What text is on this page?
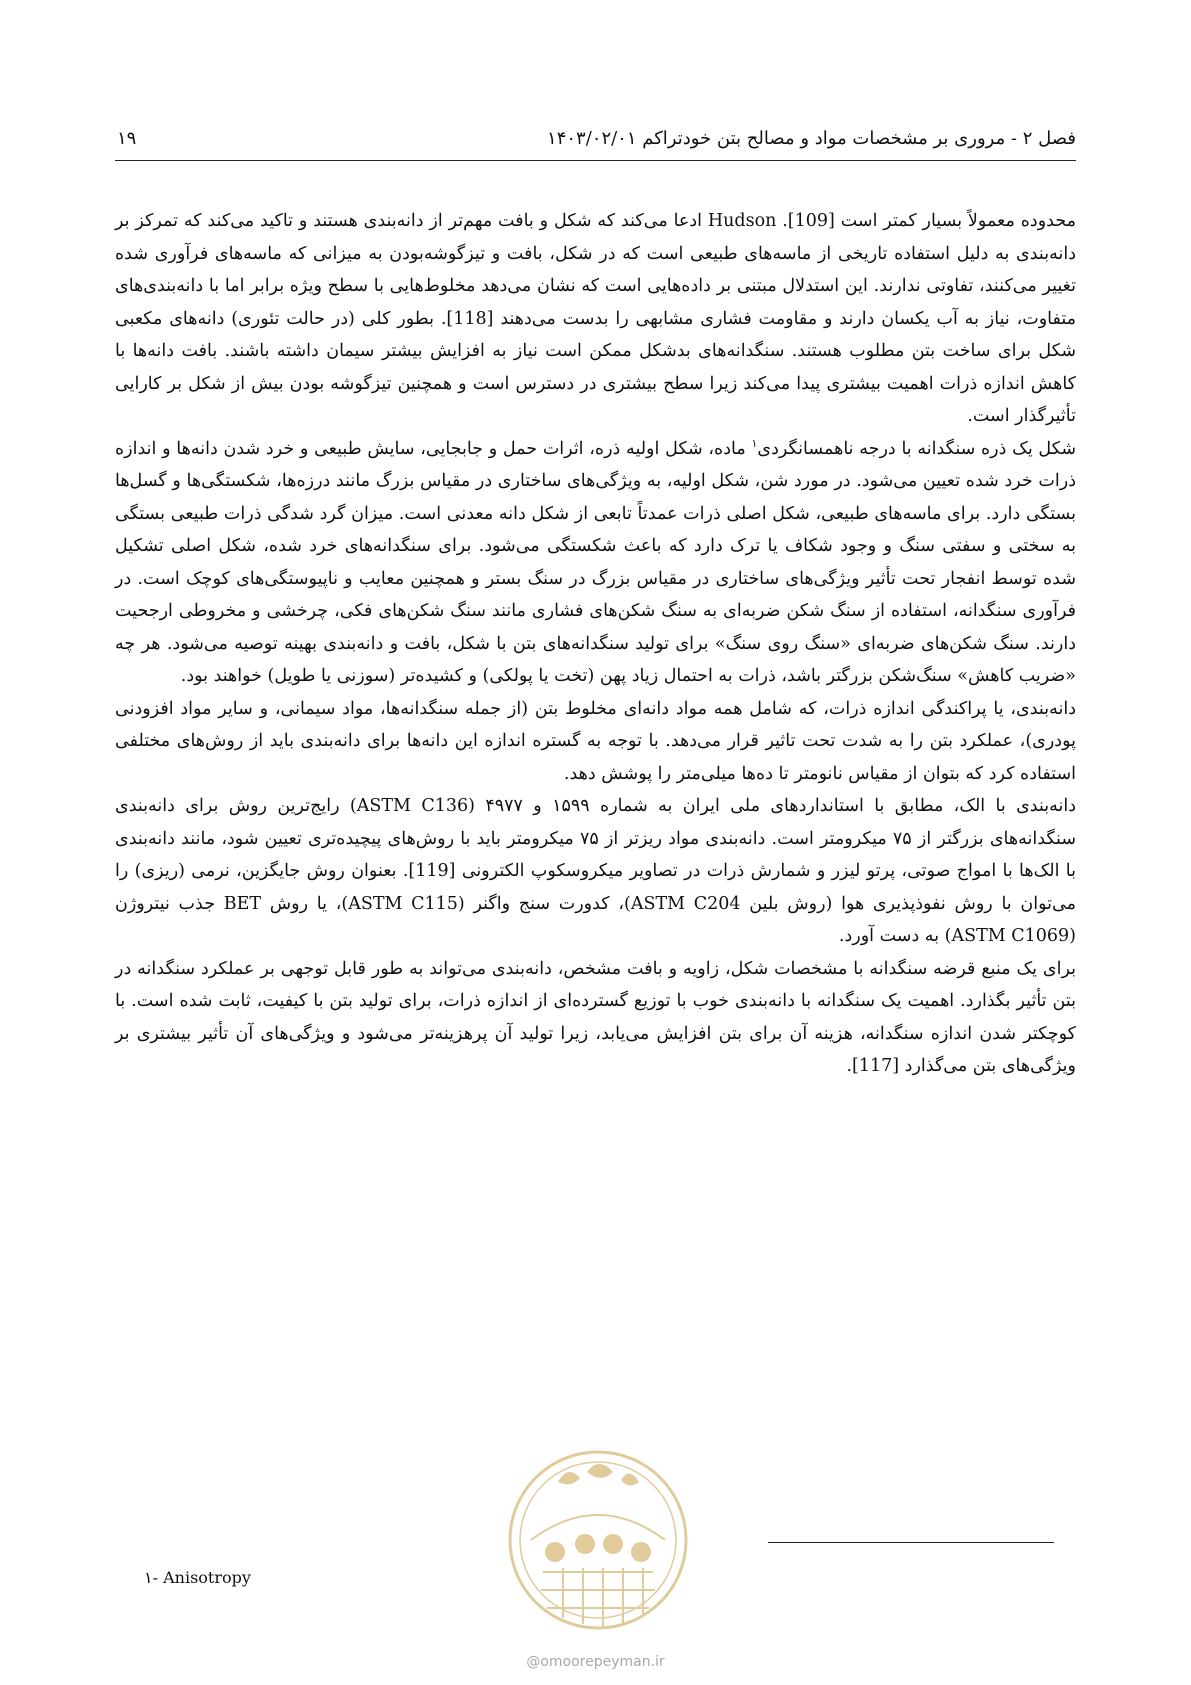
فصل ۲ - مروری بر مشخصات مواد و مصالح بتن خودتراکم ۱۴۰۳/۰۲/۰۱
۱۹

محدوده معمولاً بسیار کمتر است [109]. Hudson ادعا می‌کند که شکل و بافت مهم‌تر از دانه‌بندی هستند و تاکید می‌کند که تمرکز بر دانه‌بندی به دلیل استفاده تاریخی از ماسه‌های طبیعی است که در شکل، بافت و تیزگوشه‌بودن به میزانی که ماسه‌های فرآوری شده تغییر می‌کنند، تفاوتی ندارند. این استدلال مبتنی بر داده‌هایی است که نشان می‌دهد مخلوط‌هایی با سطح ویژه برابر اما با دانه‌بندی‌های متفاوت، نیاز به آب یکسان دارند و مقاومت فشاری مشابهی را بدست می‌دهند [118]. بطور کلی (در حالت تئوری) دانه‌های مکعبی شکل برای ساخت بتن مطلوب هستند. سنگدانه‌های بدشکل ممکن است نیاز به افزایش بیشتر سیمان داشته باشند. بافت دانه‌ها با کاهش اندازه ذرات اهمیت بیشتری پیدا می‌کند زیرا سطح بیشتری در دسترس است و همچنین تیزگوشه بودن بیش از شکل بر کارایی تأثیرگذار است.

شکل یک ذره سنگدانه با درجه ناهمسانگردی$^۱$ ماده، شکل اولیه ذره، اثرات حمل و جابجایی، سایش طبیعی و خرد شدن دانه‌ها و اندازه ذرات خرد شده تعیین می‌شود. در مورد شن، شکل اولیه، به ویژگی‌های ساختاری در مقیاس بزرگ مانند درزه‌ها، شکستگی‌ها و گسل‌ها بستگی دارد. برای ماسه‌های طبیعی، شکل اصلی ذرات عمدتاً تابعی از شکل دانه معدنی است. میزان گرد شدگی ذرات طبیعی بستگی به سختی و سفتی سنگ و وجود شکاف یا ترک دارد که باعث شکستگی می‌شود. برای سنگدانه‌های خرد شده، شکل اصلی تشکیل شده توسط انفجار تحت تأثیر ویژگی‌های ساختاری در مقیاس بزرگ در سنگ بستر و همچنین معایب و ناپیوستگی‌های کوچک است. در فرآوری سنگدانه، استفاده از سنگ شکن ضربه‌ای به سنگ شکن‌های فشاری مانند سنگ شکن‌های فکی، چرخشی و مخروطی ارجحیت دارند. سنگ شکن‌های ضربه‌ای «سنگ روی سنگ» برای تولید سنگدانه‌های بتن با شکل، بافت و دانه‌بندی بهینه توصیه می‌شود. هر چه «ضریب کاهش» سنگ‌شکن بزرگتر باشد، ذرات به احتمال زیاد پهن (تخت یا پولکی) و کشیده‌تر (سوزنی یا طویل) خواهند بود.

دانه‌بندی، یا پراکندگی اندازه ذرات، که شامل همه مواد دانه‌ای مخلوط بتن (از جمله سنگدانه‌ها، مواد سیمانی، و سایر مواد افزودنی پودری)، عملکرد بتن را به شدت تحت تاثیر قرار می‌دهد. با توجه به گستره اندازه این دانه‌ها برای دانه‌بندی باید از روش‌های مختلفی استفاده کرد که بتوان از مقیاس نانومتر تا ده‌ها میلی‌متر را پوشش دهد.

دانه‌بندی با الک، مطابق با استانداردهای ملی ایران به شماره ۱۵۹۹ و ۴۹۷۷ (ASTM C136) رایج‌ترین روش برای دانه‌بندی سنگدانه‌های بزرگتر از ۷۵ میکرومتر است. دانه‌بندی مواد ریزتر از ۷۵ میکرومتر باید با روش‌های پیچیده‌تری تعیین شود، مانند دانه‌بندی با الک‌ها با امواج صوتی، پرتو لیزر و شمارش ذرات در تصاویر میکروسکوپ الکترونی [119]. بعنوان روش جایگزین، نرمی (ریزی) را می‌توان با روش نفوذپذیری هوا (روش بلین ASTM C204)، کدورت سنج واگنر (ASTM C115)، یا روش BET جذب نیتروژن (ASTM C1069) به دست آورد.

برای یک منبع قرضه سنگدانه با مشخصات شکل، زاویه و بافت مشخص، دانه‌بندی می‌تواند به طور قابل توجهی بر عملکرد سنگدانه در بتن تأثیر بگذارد. اهمیت یک سنگدانه با دانه‌بندی خوب با توزیع گسترده‌ای از اندازه ذرات، برای تولید بتن با کیفیت، ثابت شده است. با کوچکتر شدن اندازه سنگدانه، هزینه آن برای بتن افزایش می‌یابد، زیرا تولید آن پرهزینه‌تر می‌شود و ویژگی‌های آن تأثیر بیشتری بر ویژگی‌های بتن می‌گذارد [117].

۱- Anisotropy
@omoorepeyman.ir
